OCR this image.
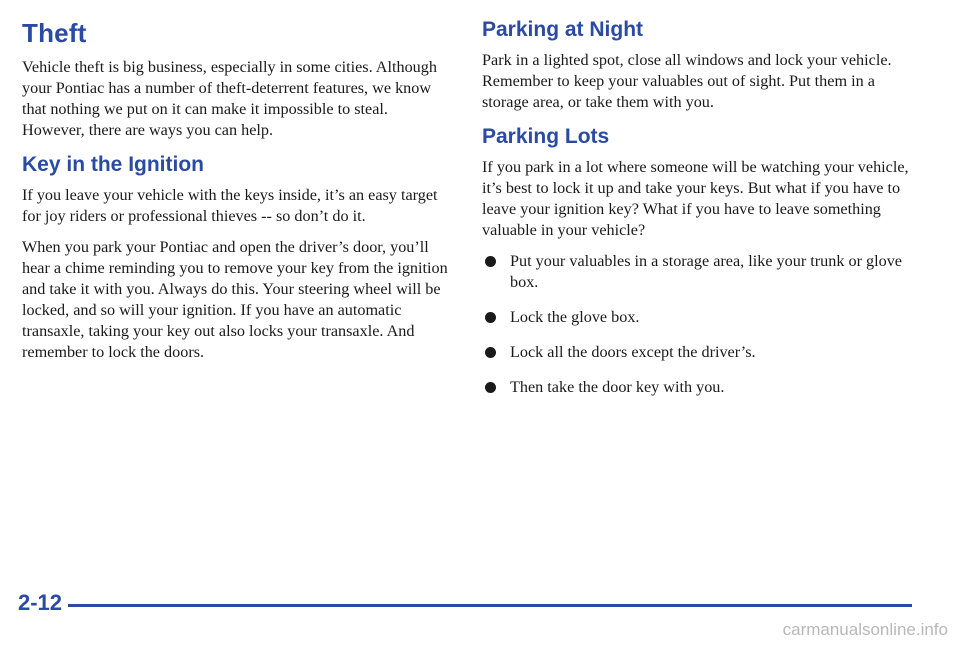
Theft

Vehicle theft is big business, especially in some cities. Although your Pontiac has a number of theft-deterrent features, we know that nothing we put on it can make it impossible to steal. However, there are ways you can help.

Key in the Ignition

If you leave your vehicle with the keys inside, it’s an easy target for joy riders or professional thieves -- so don’t do it.

When you park your Pontiac and open the driver’s door, you’ll hear a chime reminding you to remove your key from the ignition and take it with you. Always do this. Your steering wheel will be locked, and so will your ignition. If you have an automatic transaxle, taking your key out also locks your transaxle. And remember to lock the doors.

Parking at Night

Park in a lighted spot, close all windows and lock your vehicle. Remember to keep your valuables out of sight. Put them in a storage area, or take them with you.

Parking Lots

If you park in a lot where someone will be watching your vehicle, it’s best to lock it up and take your keys. But what if you have to leave your ignition key? What if you have to leave something valuable in your vehicle?

Put your valuables in a storage area, like your trunk or glove box.
Lock the glove box.
Lock all the doors except the driver’s.
Then take the door key with you.
2-12
carmanualsonline.info
